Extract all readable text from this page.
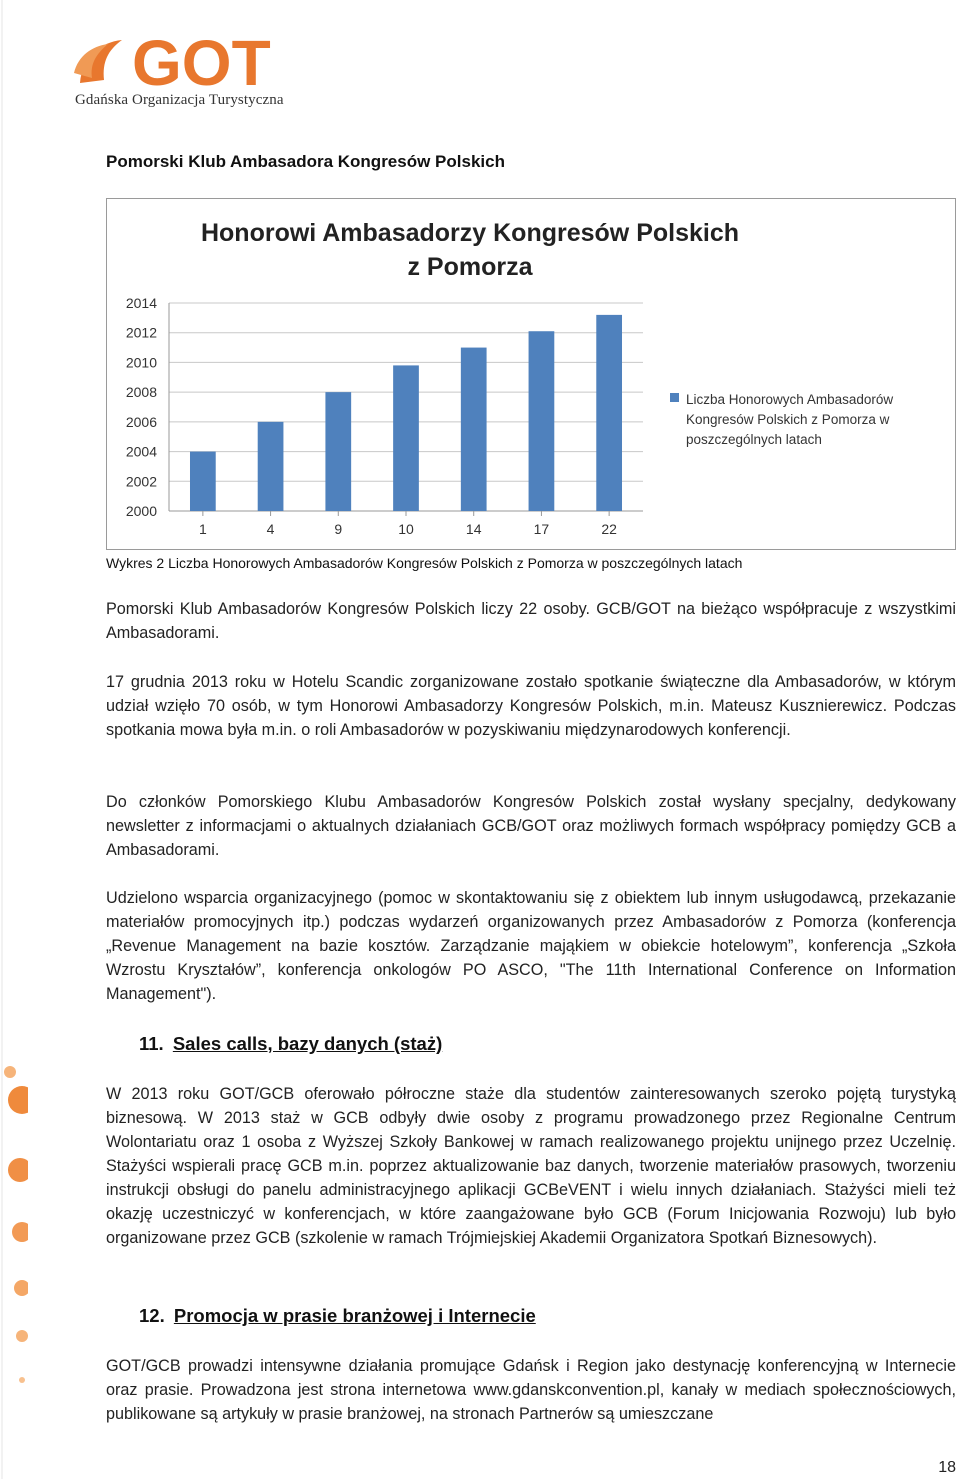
GOT
Gdańska Organizacja Turystyczna
Pomorski Klub Ambasadora Kongresów Polskich
Honorowi Ambasadorzy Kongresów Polskich
z Pomorza
2000
2002
2004
2006
2008
2010
2012
2014
1	4	9	10	14	17	22
Liczba Honorowych Ambasadorów
Kongresów Polskich z Pomorza w
poszczególnych latach
Wykres 2 Liczba Honorowych Ambasadorów Kongresów Polskich z Pomorza w poszczególnych latach

Pomorski Klub Ambasadorów Kongresów Polskich liczy 22 osoby. GCB/GOT na bieżąco współpracuje z wszystkimi Ambasadorami.

17 grudnia 2013 roku w Hotelu Scandic zorganizowane zostało spotkanie świąteczne dla Ambasadorów, w którym udział wzięło 70 osób, w tym Honorowi Ambasadorzy Kongresów Polskich, m.in. Mateusz Kusznierewicz. Podczas spotkania mowa była m.in. o roli Ambasadorów w pozyskiwaniu międzynarodowych konferencji.

Do członków Pomorskiego Klubu Ambasadorów Kongresów Polskich został wysłany specjalny, dedykowany newsletter z informacjami o aktualnych działaniach GCB/GOT oraz możliwych formach współpracy pomiędzy GCB a Ambasadorami.

Udzielono wsparcia organizacyjnego (pomoc w skontaktowaniu się z obiektem lub innym usługodawcą, przekazanie materiałów promocyjnych itp.) podczas wydarzeń organizowanych przez Ambasadorów z Pomorza (konferencja „Revenue Management na bazie kosztów. Zarządzanie mająkiem w obiekcie hotelowym”, konferencja „Szkoła Wzrostu Kryształów”, konferencja onkologów PO ASCO, "The 11th International Conference on Information Management").

11. Sales calls, bazy danych (staż)

W 2013 roku GOT/GCB oferowało półroczne staże dla studentów zainteresowanych szeroko pojętą turystyką biznesową. W 2013 staż w GCB odbyły dwie osoby z programu prowadzonego przez Regionalne Centrum Wolontariatu oraz 1 osoba z Wyższej Szkoły Bankowej w ramach realizowanego projektu unijnego przez Uczelnię. Stażyści wspierali pracę GCB m.in. poprzez aktualizowanie baz danych, tworzenie materiałów prasowych, tworzeniu instrukcji obsługi do panelu administracyjnego aplikacji GCBeVENT i wielu innych działaniach. Stażyści mieli też okazję uczestniczyć w konferencjach, w które zaangażowane było GCB (Forum Inicjowania Rozwoju) lub było organizowane przez GCB (szkolenie w ramach Trójmiejskiej Akademii Organizatora Spotkań Biznesowych).

12. Promocja w prasie branżowej i Internecie

GOT/GCB prowadzi intensywne działania promujące Gdańsk i Region jako destynację konferencyjną w Internecie oraz prasie. Prowadzona jest strona internetowa www.gdanskconvention.pl, kanały w mediach społecznościowych, publikowane są artykuły w prasie branżowej, na stronach Partnerów są umieszczane

18
